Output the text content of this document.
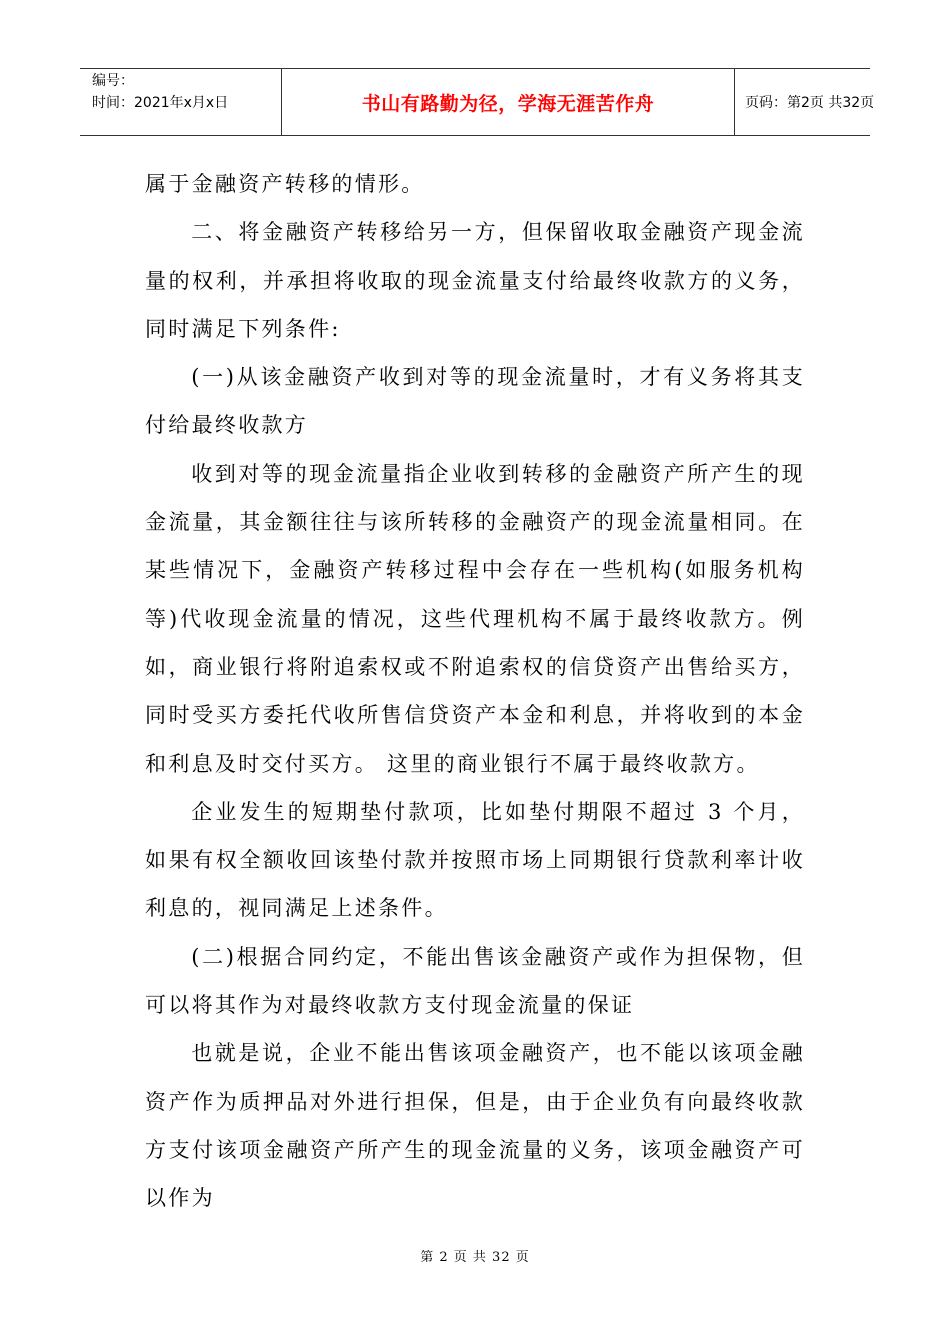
编号：
时间：2021年x月x日	书山有路勤为径，学海无涯苦作舟	页码：第2页 共32页

属于金融资产转移的情形。

二、将金融资产转移给另一方，但保留收取金融资产现金流量的权利，并承担将收取的现金流量支付给最终收款方的义务，同时满足下列条件:

(一)从该金融资产收到对等的现金流量时，才有义务将其支付给最终收款方

收到对等的现金流量指企业收到转移的金融资产所产生的现金流量，其金额往往与该所转移的金融资产的现金流量相同。在某些情况下，金融资产转移过程中会存在一些机构(如服务机构等)代收现金流量的情况，这些代理机构不属于最终收款方。例如，商业银行将附追索权或不附追索权的信贷资产出售给买方，同时受买方委托代收所售信贷资产本金和利息，并将收到的本金和利息及时交付买方。 这里的商业银行不属于最终收款方。

企业发生的短期垫付款项，比如垫付期限不超过 3 个月，如果有权全额收回该垫付款并按照市场上同期银行贷款利率计收利息的，视同满足上述条件。

(二)根据合同约定，不能出售该金融资产或作为担保物，但可以将其作为对最终收款方支付现金流量的保证

也就是说，企业不能出售该项金融资产，也不能以该项金融资产作为质押品对外进行担保，但是，由于企业负有向最终收款方支付该项金融资产所产生的现金流量的义务，该项金融资产可以作为

第 2 页 共 32 页
